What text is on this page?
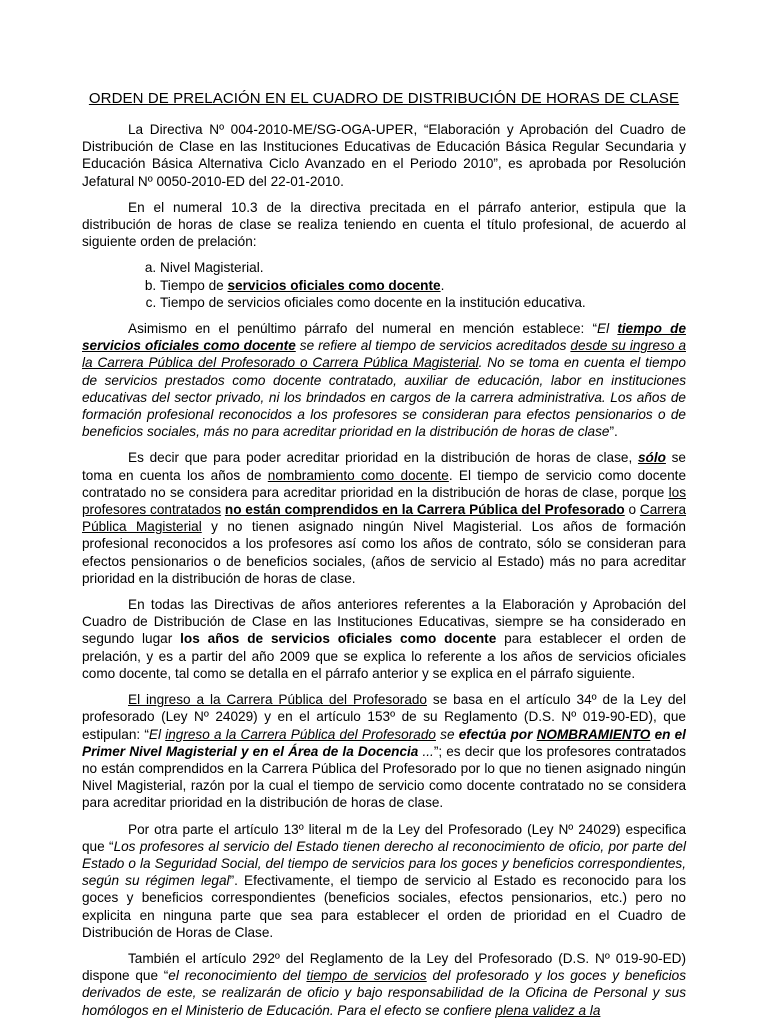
ORDEN DE PRELACIÓN EN EL CUADRO DE DISTRIBUCIÓN DE HORAS DE CLASE

La Directiva Nº 004-2010-ME/SG-OGA-UPER, “Elaboración y Aprobación del Cuadro de Distribución de Clase en las Instituciones Educativas de Educación Básica Regular Secundaria y Educación Básica Alternativa Ciclo Avanzado en el Periodo 2010”, es aprobada por Resolución Jefatural Nº 0050-2010-ED del 22-01-2010.

En el numeral 10.3 de la directiva precitada en el párrafo anterior, estipula que la distribución de horas de clase se realiza teniendo en cuenta el título profesional, de acuerdo al siguiente orden de prelación:

a. Nivel Magisterial.
b. Tiempo de servicios oficiales como docente.
c. Tiempo de servicios oficiales como docente en la institución educativa.

Asimismo en el penúltimo párrafo del numeral en mención establece: “El tiempo de servicios oficiales como docente se refiere al tiempo de servicios acreditados desde su ingreso a la Carrera Pública del Profesorado o Carrera Pública Magisterial. No se toma en cuenta el tiempo de servicios prestados como docente contratado, auxiliar de educación, labor en instituciones educativas del sector privado, ni los brindados en cargos de la carrera administrativa. Los años de formación profesional reconocidos a los profesores se consideran para efectos pensionarios o de beneficios sociales, más no para acreditar prioridad en la distribución de horas de clase”.

Es decir que para poder acreditar prioridad en la distribución de horas de clase, sólo se toma en cuenta los años de nombramiento como docente. El tiempo de servicio como docente contratado no se considera para acreditar prioridad en la distribución de horas de clase, porque los profesores contratados no están comprendidos en la Carrera Pública del Profesorado o Carrera Pública Magisterial y no tienen asignado ningún Nivel Magisterial. Los años de formación profesional reconocidos a los profesores así como los años de contrato, sólo se consideran para efectos pensionarios o de beneficios sociales, (años de servicio al Estado) más no para acreditar prioridad en la distribución de horas de clase.

En todas las Directivas de años anteriores referentes a la Elaboración y Aprobación del Cuadro de Distribución de Clase en las Instituciones Educativas, siempre se ha considerado en segundo lugar los años de servicios oficiales como docente para establecer el orden de prelación, y es a partir del año 2009 que se explica lo referente a los años de servicios oficiales como docente, tal como se detalla en el párrafo anterior y se explica en el párrafo siguiente.

El ingreso a la Carrera Pública del Profesorado se basa en el artículo 34º de la Ley del profesorado (Ley Nº 24029) y en el artículo 153º de su Reglamento (D.S. Nº 019-90-ED), que estipulan: “El ingreso a la Carrera Pública del Profesorado se efectúa por NOMBRAMIENTO en el Primer Nivel Magisterial y en el Área de la Docencia ...”; es decir que los profesores contratados no están comprendidos en la Carrera Pública del Profesorado por lo que no tienen asignado ningún Nivel Magisterial, razón por la cual el tiempo de servicio como docente contratado no se considera para acreditar prioridad en la distribución de horas de clase.

Por otra parte el artículo 13º literal m de la Ley del Profesorado (Ley Nº 24029) especifica que “Los profesores al servicio del Estado tienen derecho al reconocimiento de oficio, por parte del Estado o la Seguridad Social, del tiempo de servicios para los goces y beneficios correspondientes, según su régimen legal”. Efectivamente, el tiempo de servicio al Estado es reconocido para los goces y beneficios correspondientes (beneficios sociales, efectos pensionarios, etc.) pero no explicita en ninguna parte que sea para establecer el orden de prioridad en el Cuadro de Distribución de Horas de Clase.

También el artículo 292º del Reglamento de la Ley del Profesorado (D.S. Nº 019-90-ED) dispone que “el reconocimiento del tiempo de servicios del profesorado y los goces y beneficios derivados de este, se realizarán de oficio y bajo responsabilidad de la Oficina de Personal y sus homólogos en el Ministerio de Educación. Para el efecto se confiere plena validez a la
